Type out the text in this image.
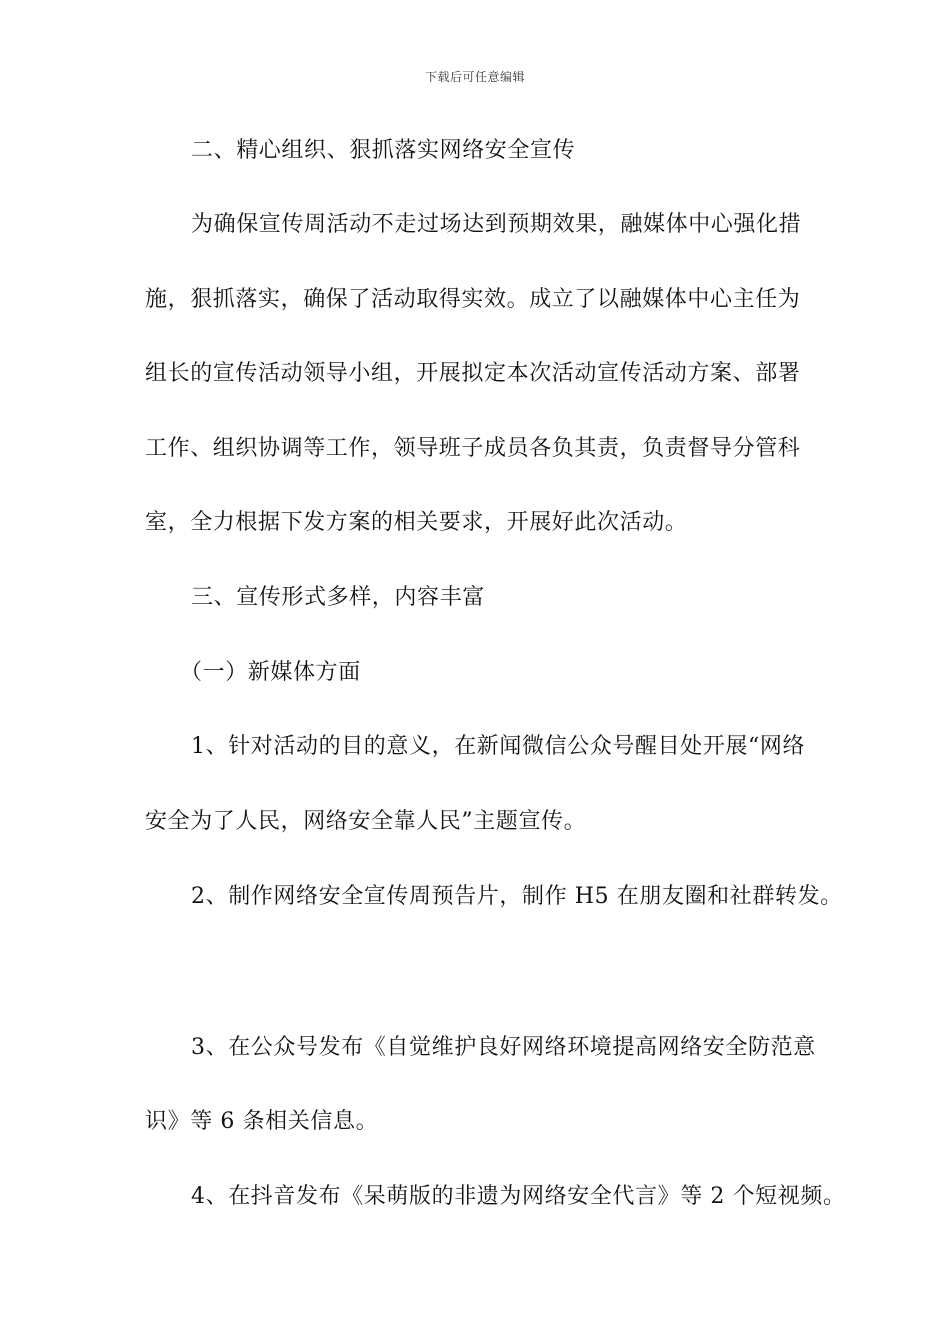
下载后可任意编辑
二、精心组织、狠抓落实网络安全宣传
为确保宣传周活动不走过场达到预期效果，融媒体中心强化措
施，狠抓落实，确保了活动取得实效。成立了以融媒体中心主任为
组长的宣传活动领导小组，开展拟定本次活动宣传活动方案、部署
工作、组织协调等工作，领导班子成员各负其责，负责督导分管科
室，全力根据下发方案的相关要求，开展好此次活动。
三、宣传形式多样，内容丰富
（一）新媒体方面
1、针对活动的目的意义，在新闻微信公众号醒目处开展“网络
安全为了人民，网络安全靠人民”主题宣传。
2、制作网络安全宣传周预告片，制作 H5 在朋友圈和社群转发。
3、在公众号发布《自觉维护良好网络环境提高网络安全防范意
识》等 6 条相关信息。
4、在抖音发布《呆萌版的非遗为网络安全代言》等 2 个短视频。
